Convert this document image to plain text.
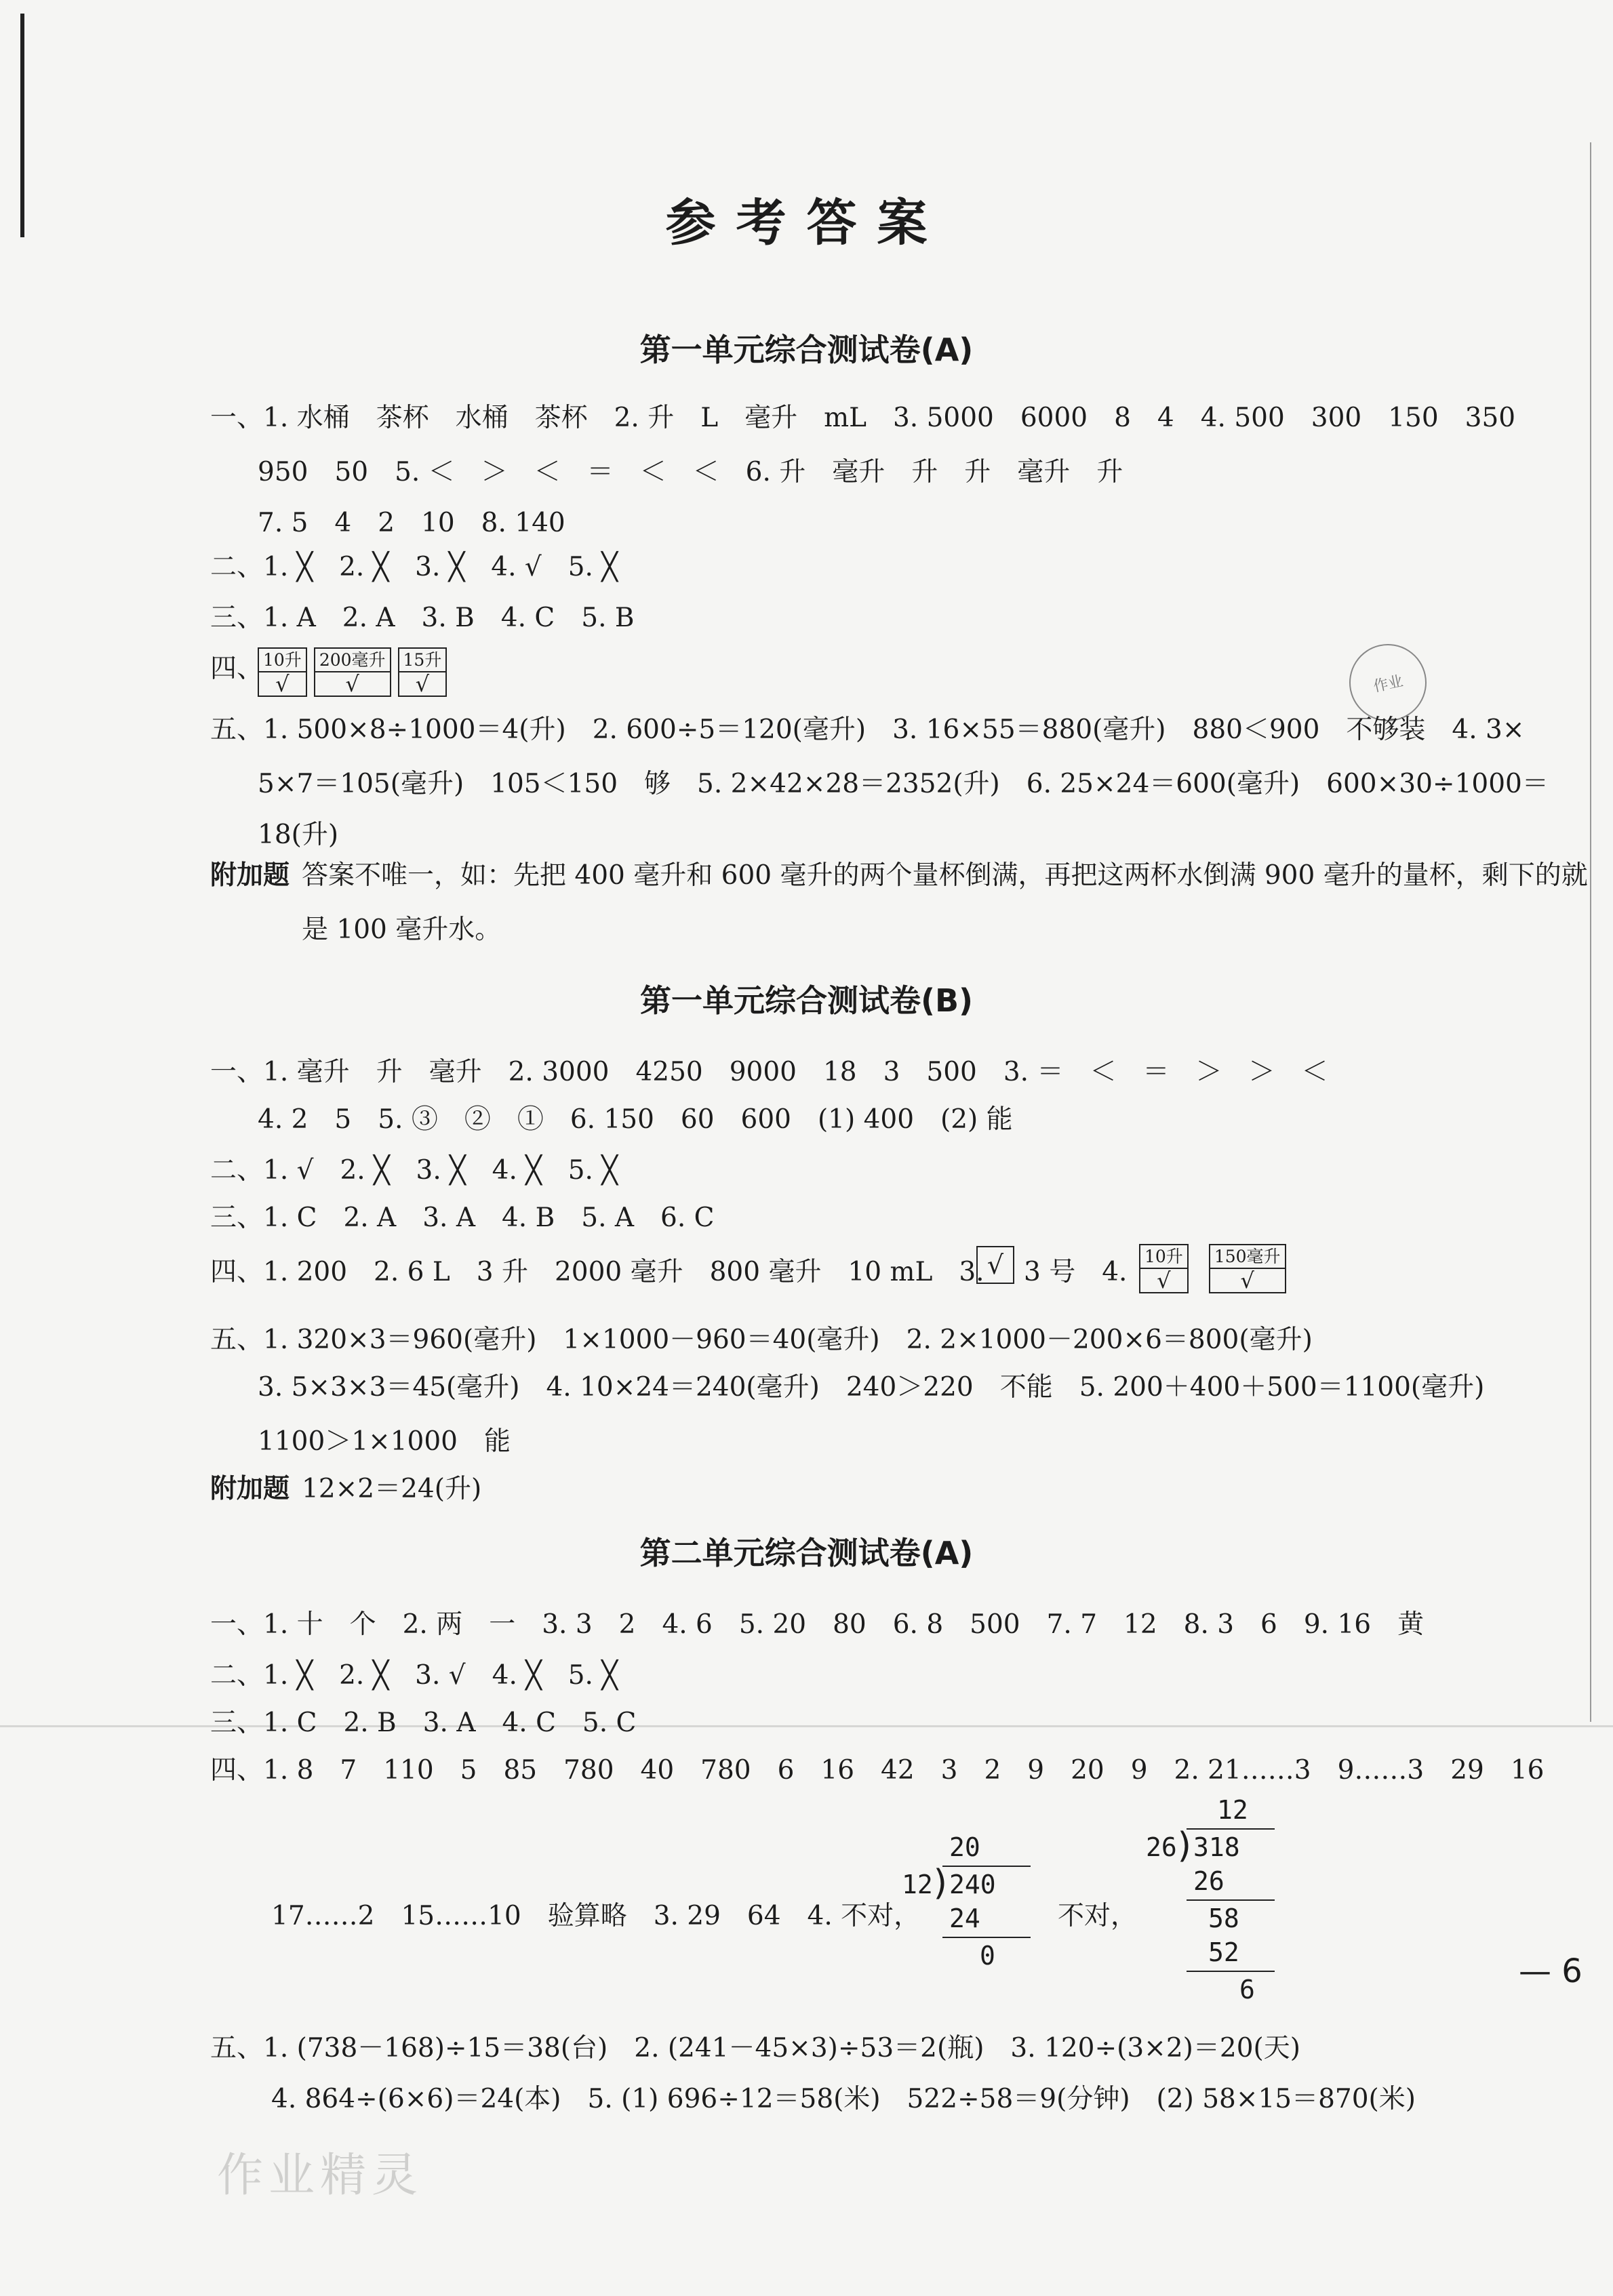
参考答案
第一单元综合测试卷(A)
一、1. 水桶　茶杯　水桶　茶杯　2. 升　L　毫升　mL　3. 5000　6000　8　4　4. 500　300　150　350
950　50　5. ＜　＞　＜　＝　＜　＜　6. 升　毫升　升　升　毫升　升
7. 5　4　2　10　8. 140
二、1. ╳　2. ╳　3. ╳　4. √　5. ╳
三、1. A　2. A　3. B　4. C　5. B
四、 10升
√
200毫升
√
15升
√	作业
五、1. 500×8÷1000＝4(升)　2. 600÷5＝120(毫升)　3. 16×55＝880(毫升)　880＜900　不够装　4. 3×
5×7＝105(毫升)　105＜150　够　5. 2×42×28＝2352(升)　6. 25×24＝600(毫升)　600×30÷1000＝
18(升)
附加题 答案不唯一，如：先把 400 毫升和 600 毫升的两个量杯倒满，再把这两杯水倒满 900 毫升的量杯，剩下的就
是 100 毫升水。
第一单元综合测试卷(B)
一、1. 毫升　升　毫升　2. 3000　4250　9000　18　3　500　3. ＝　＜　＝　＞　＞　＜
4. 2　5　5. ③　②　①　6. 150　60　600　(1) 400　(2) 能
二、1. √　2. ╳　3. ╳　4. ╳　5. ╳
三、1. C　2. A　3. A　4. B　5. A　6. C
四、1. 200　2. 6 L　3 升　2000 毫升　800 毫升　10 mL　3. √ 3 号　4.
10升
√
150毫升
√
五、1. 320×3＝960(毫升)　1×1000－960＝40(毫升)　2. 2×1000－200×6＝800(毫升)
3. 5×3×3＝45(毫升)　4. 10×24＝240(毫升)　240＞220　不能　5. 200＋400＋500＝1100(毫升)
1100＞1×1000　能
附加题 12×2＝24(升)
第二单元综合测试卷(A)
一、1. 十　个　2. 两　一　3. 3　2　4. 6　5. 20　80　6. 8　500　7. 7　12　8. 3　6　9. 16　黄
二、1. ╳　2. ╳　3. √　4. ╳　5. ╳
三、1. C　2. B　3. A　4. C　5. C
四、1. 8　7　110　5　85　780　40　780　6　16　42　3　2　9　20　9　2. 21……3　9……3　29　16
17……2　15……10　验算略　3. 29　64　4. 不对，
20
12
)
240
24
0
不对，
12
26
)
318
26
58
52
6
五、1. (738－168)÷15＝38(台)　2. (241－45×3)÷53＝2(瓶)　3. 120÷(3×2)＝20(天)
4. 864÷(6×6)＝24(本)　5. (1) 696÷12＝58(米)　522÷58＝9(分钟)　(2) 58×15＝870(米)
作业精灵
— 6
